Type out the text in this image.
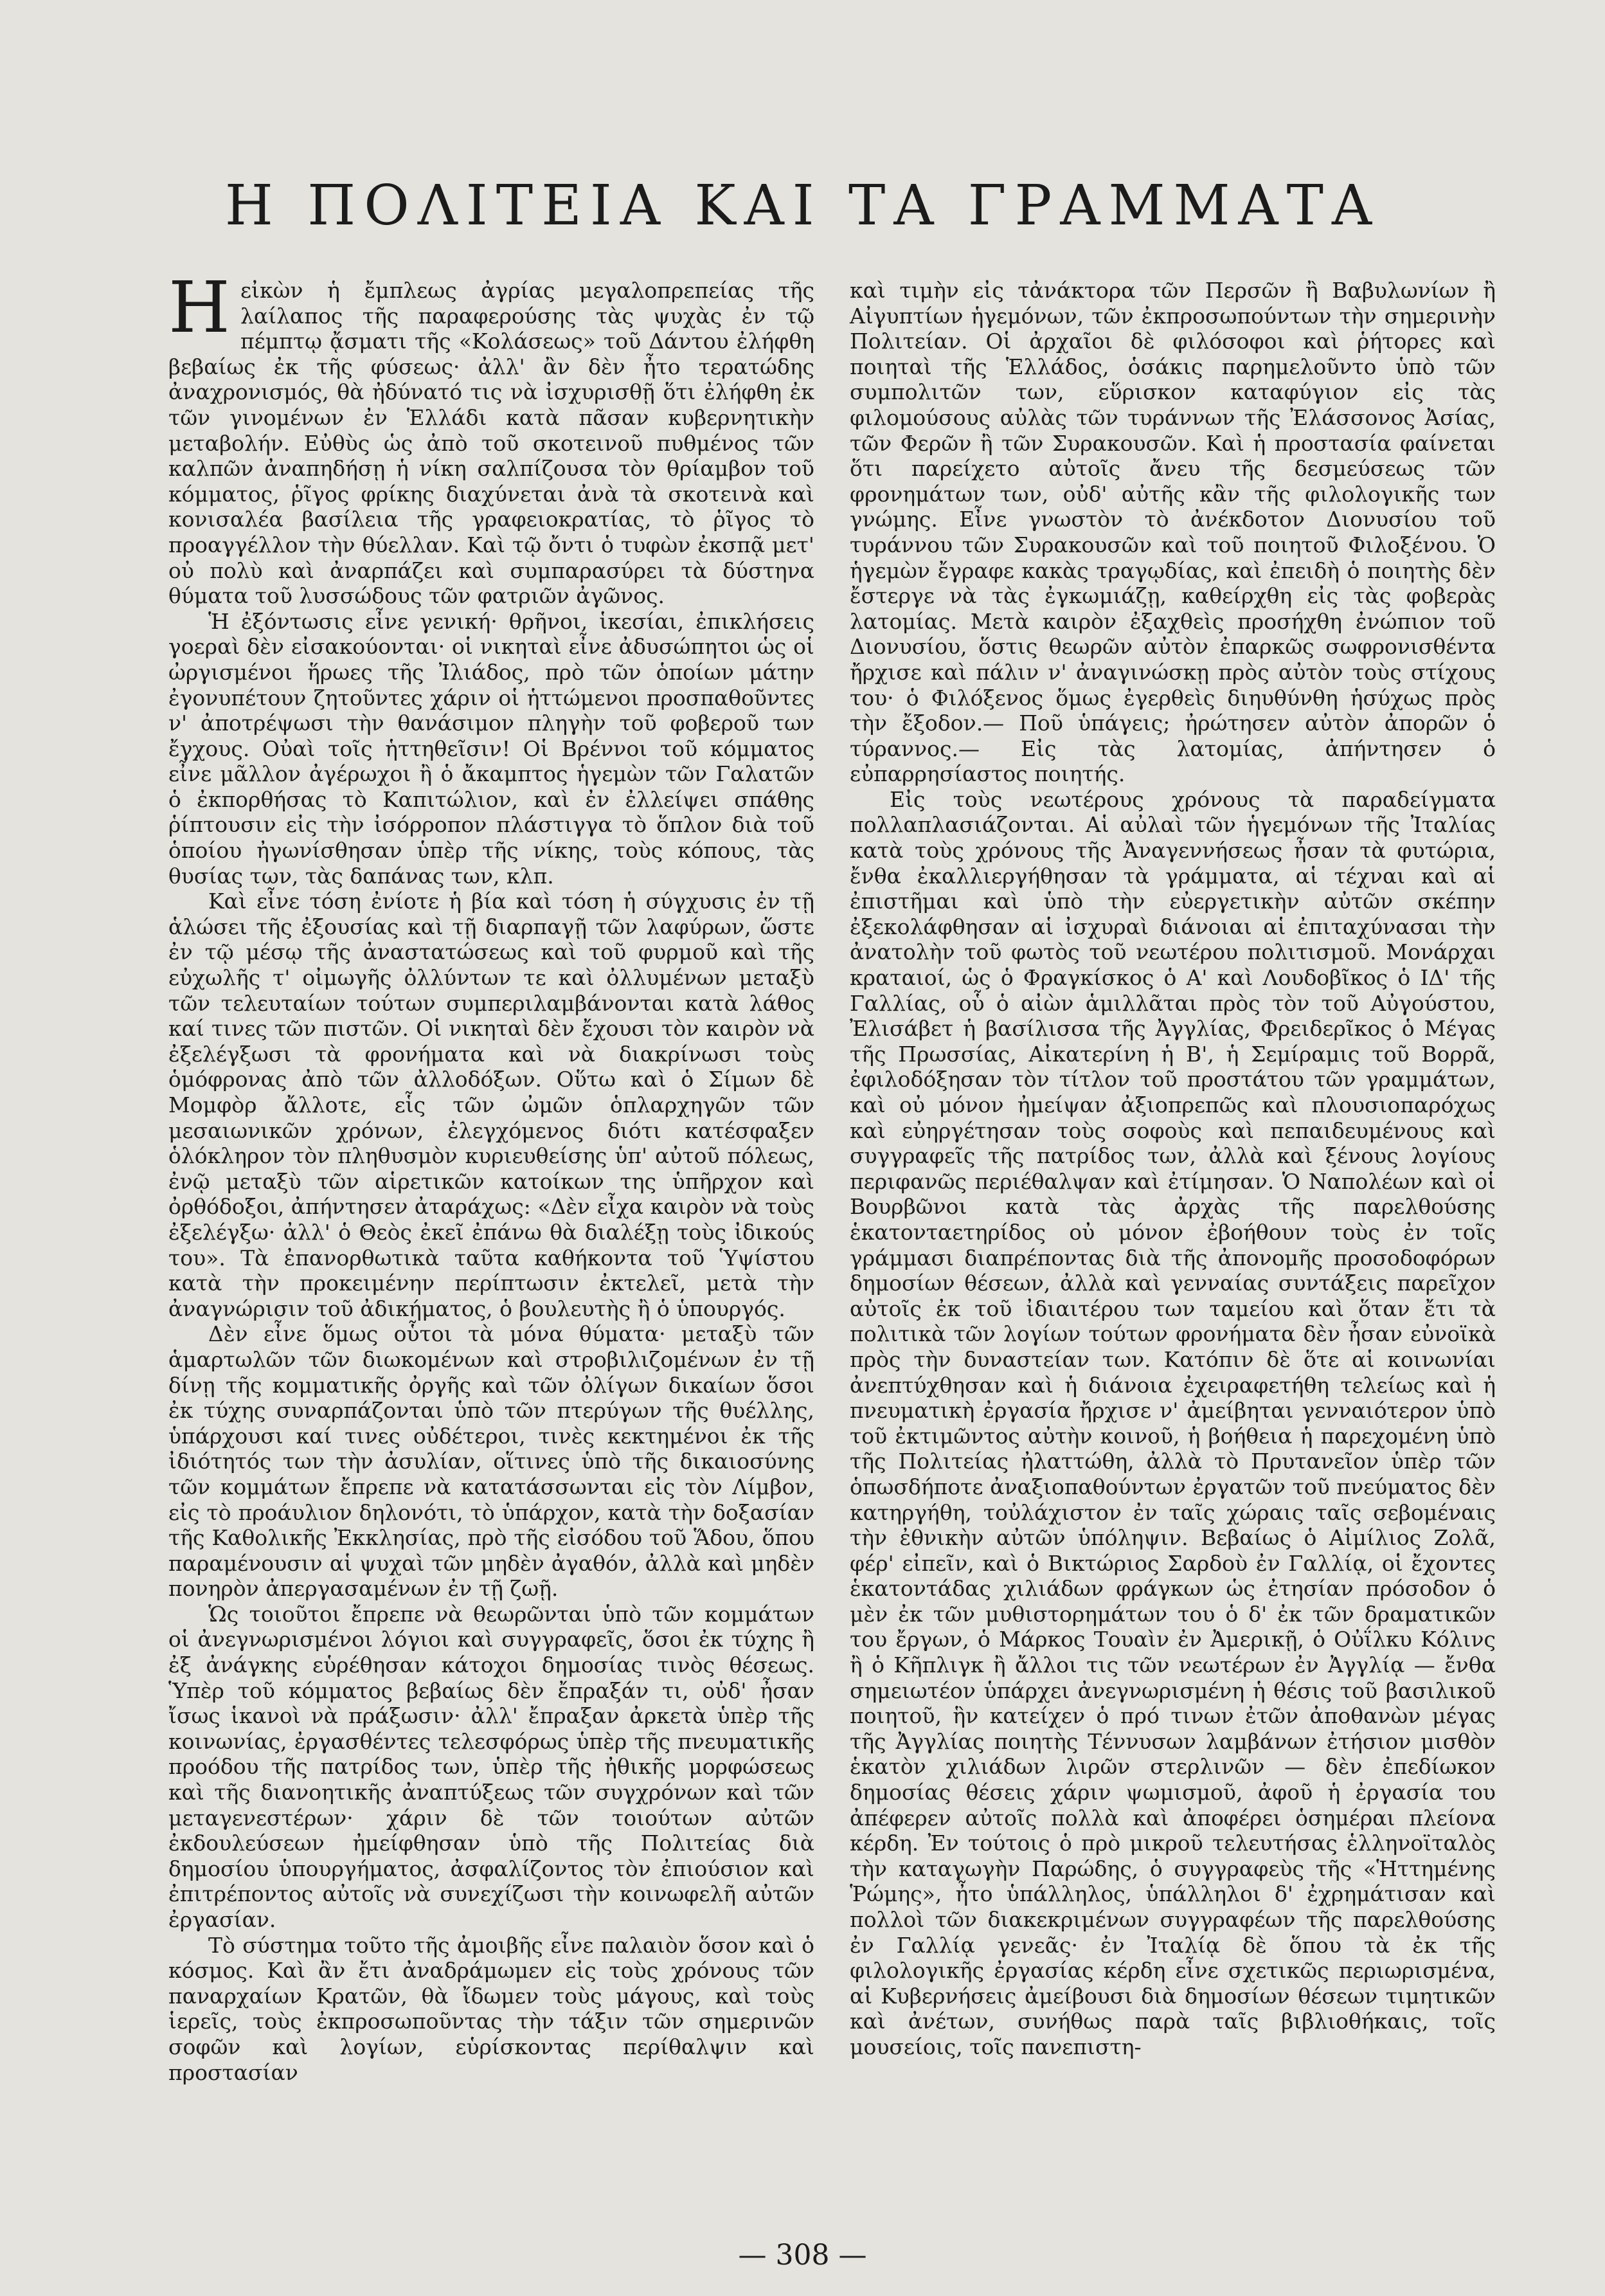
Η ΠΟΛΙΤΕΙΑ ΚΑΙ ΤΑ ΓΡΑΜΜΑΤΑ

Ηεἰκὼν ἡ ἔμπλεως ἀγρίας μεγαλοπρεπείας τῆς λαίλαπος τῆς παραφερούσης τὰς ψυχὰς ἐν τῷ πέμπτῳ ᾄσματι τῆς «Κολάσεως» τοῦ Δάντου ἐλήφθη βεβαίως ἐκ τῆς φύσεως· ἀλλ' ἂν δὲν ἦτο τερατώδης ἀναχρονισμός, θὰ ἠδύνατό τις νὰ ἰσχυρισθῇ ὅτι ἐλήφθη ἐκ τῶν γινομένων ἐν Ἑλλάδι κατὰ πᾶσαν κυβερνητικὴν μεταβολήν. Εὐθὺς ὡς ἀπὸ τοῦ σκοτεινοῦ πυθμένος τῶν καλπῶν ἀναπηδήσῃ ἡ νίκη σαλπίζουσα τὸν θρίαμβον τοῦ κόμματος, ῥῖγος φρίκης διαχύνεται ἀνὰ τὰ σκοτεινὰ καὶ κονισαλέα βασίλεια τῆς γραφειοκρατίας, τὸ ῥῖγος τὸ προαγγέλλον τὴν θύελλαν. Καὶ τῷ ὄντι ὁ τυφὼν ἐκσπᾷ μετ' οὐ πολὺ καὶ ἀναρπάζει καὶ συμπαρασύρει τὰ δύστηνα θύματα τοῦ λυσσώδους τῶν φατριῶν ἀγῶνος.

Ἡ ἐξόντωσις εἶνε γενική· θρῆνοι, ἱκεσίαι, ἐπικλήσεις γοεραὶ δὲν εἰσακούονται· οἱ νικηταὶ εἶνε ἀδυσώπητοι ὡς οἱ ὠργισμένοι ἥρωες τῆς Ἰλιάδος, πρὸ τῶν ὁποίων μάτην ἐγονυπέτουν ζητοῦντες χάριν οἱ ἡττώμενοι προσπαθοῦντες ν' ἀποτρέψωσι τὴν θανάσιμον πληγὴν τοῦ φοβεροῦ των ἔγχους. Οὐαὶ τοῖς ἡττηθεῖσιν! Οἱ Βρέννοι τοῦ κόμματος εἶνε μᾶλλον ἀγέρωχοι ἢ ὁ ἄκαμπτος ἡγεμὼν τῶν Γαλατῶν ὁ ἐκπορθήσας τὸ Καπιτώλιον, καὶ ἐν ἐλλείψει σπάθης ῥίπτουσιν εἰς τὴν ἰσόρροπον πλάστιγγα τὸ ὅπλον διὰ τοῦ ὁποίου ἠγωνίσθησαν ὑπὲρ τῆς νίκης, τοὺς κόπους, τὰς θυσίας των, τὰς δαπάνας των, κλπ.

Καὶ εἶνε τόση ἐνίοτε ἡ βία καὶ τόση ἡ σύγχυσις ἐν τῇ ἁλώσει τῆς ἐξουσίας καὶ τῇ διαρπαγῇ τῶν λαφύρων, ὥστε ἐν τῷ μέσῳ τῆς ἀναστατώσεως καὶ τοῦ φυρμοῦ καὶ τῆς εὐχωλῆς τ' οἰμωγῆς ὀλλύντων τε καὶ ὀλλυμένων μεταξὺ τῶν τελευταίων τούτων συμπεριλαμβάνονται κατὰ λάθος καί τινες τῶν πιστῶν. Οἱ νικηταὶ δὲν ἔχουσι τὸν καιρὸν νὰ ἐξελέγξωσι τὰ φρονήματα καὶ νὰ διακρίνωσι τοὺς ὁμόφρονας ἀπὸ τῶν ἀλλοδόξων. Οὕτω καὶ ὁ Σίμων δὲ Μομφὸρ ἄλλοτε, εἷς τῶν ὠμῶν ὁπλαρχηγῶν τῶν μεσαιωνικῶν χρόνων, ἐλεγχόμενος διότι κατέσφαξεν ὁλόκληρον τὸν πληθυσμὸν κυριευθείσης ὑπ' αὐτοῦ πόλεως, ἐνῷ μεταξὺ τῶν αἱρετικῶν κατοίκων της ὑπῆρχον καὶ ὀρθόδοξοι, ἀπήντησεν ἀταράχως: «Δὲν εἶχα καιρὸν νὰ τοὺς ἐξελέγξω· ἀλλ' ὁ Θεὸς ἐκεῖ ἐπάνω θὰ διαλέξῃ τοὺς ἰδικούς του». Τὰ ἐπανορθωτικὰ ταῦτα καθήκοντα τοῦ Ὑψίστου κατὰ τὴν προκειμένην περίπτωσιν ἐκτελεῖ, μετὰ τὴν ἀναγνώρισιν τοῦ ἀδικήματος, ὁ βουλευτὴς ἢ ὁ ὑπουργός.

Δὲν εἶνε ὅμως οὗτοι τὰ μόνα θύματα· μεταξὺ τῶν ἁμαρτωλῶν τῶν διωκομένων καὶ στροβιλιζομένων ἐν τῇ δίνῃ τῆς κομματικῆς ὀργῆς καὶ τῶν ὀλίγων δικαίων ὅσοι ἐκ τύχης συναρπάζονται ὑπὸ τῶν πτερύγων τῆς θυέλλης, ὑπάρχουσι καί τινες οὐδέτεροι, τινὲς κεκτημένοι ἐκ τῆς ἰδιότητός των τὴν ἀσυλίαν, οἵτινες ὑπὸ τῆς δικαιοσύνης τῶν κομμάτων ἔπρεπε νὰ κατατάσσωνται εἰς τὸν Λίμβον, εἰς τὸ προάυλιον δηλονότι, τὸ ὑπάρχον, κατὰ τὴν δοξασίαν τῆς Καθολικῆς Ἐκκλησίας, πρὸ τῆς εἰσόδου τοῦ Ἅδου, ὅπου παραμένουσιν αἱ ψυχαὶ τῶν μηδὲν ἀγαθόν, ἀλλὰ καὶ μηδὲν πονηρὸν ἀπεργασαμένων ἐν τῇ ζωῇ.

Ὡς τοιοῦτοι ἔπρεπε νὰ θεωρῶνται ὑπὸ τῶν κομμάτων οἱ ἀνεγνωρισμένοι λόγιοι καὶ συγγραφεῖς, ὅσοι ἐκ τύχης ἢ ἐξ ἀνάγκης εὑρέθησαν κάτοχοι δημοσίας τινὸς θέσεως. Ὑπὲρ τοῦ κόμματος βεβαίως δὲν ἔπραξάν τι, οὐδ' ἦσαν ἴσως ἱκανοὶ νὰ πράξωσιν· ἀλλ' ἔπραξαν ἀρκετὰ ὑπὲρ τῆς κοινωνίας, ἐργασθέντες τελεσφόρως ὑπὲρ τῆς πνευματικῆς προόδου τῆς πατρίδος των, ὑπὲρ τῆς ἠθικῆς μορφώσεως καὶ τῆς διανοητικῆς ἀναπτύξεως τῶν συγχρόνων καὶ τῶν μεταγενεστέρων· χάριν δὲ τῶν τοιούτων αὐτῶν ἐκδουλεύσεων ἠμείφθησαν ὑπὸ τῆς Πολιτείας διὰ δημοσίου ὑπουργήματος, ἀσφαλίζοντος τὸν ἐπιούσιον καὶ ἐπιτρέποντος αὐτοῖς νὰ συνεχίζωσι τὴν κοινωφελῆ αὐτῶν ἐργασίαν.

Τὸ σύστημα τοῦτο τῆς ἀμοιβῆς εἶνε παλαιὸν ὅσον καὶ ὁ κόσμος. Καὶ ἂν ἔτι ἀναδράμωμεν εἰς τοὺς χρόνους τῶν παναρχαίων Κρατῶν, θὰ ἴδωμεν τοὺς μάγους, καὶ τοὺς ἱερεῖς, τοὺς ἐκπροσωποῦντας τὴν τάξιν τῶν σημερινῶν σοφῶν καὶ λογίων, εὑρίσκοντας περίθαλψιν καὶ προστασίαν

καὶ τιμὴν εἰς τἀνάκτορα τῶν Περσῶν ἢ Βαβυλωνίων ἢ Αἰγυπτίων ἡγεμόνων, τῶν ἐκπροσωπούντων τὴν σημερινὴν Πολιτείαν. Οἱ ἀρχαῖοι δὲ φιλόσοφοι καὶ ῥήτορες καὶ ποιηταὶ τῆς Ἑλλάδος, ὁσάκις παρημελοῦντο ὑπὸ τῶν συμπολιτῶν των, εὕρισκον καταφύγιον εἰς τὰς φιλομούσους αὐλὰς τῶν τυράννων τῆς Ἐλάσσονος Ἀσίας, τῶν Φερῶν ἢ τῶν Συρακουσῶν. Καὶ ἡ προστασία φαίνεται ὅτι παρείχετο αὐτοῖς ἄνευ τῆς δεσμεύσεως τῶν φρονημάτων των, οὐδ' αὐτῆς κἂν τῆς φιλολογικῆς των γνώμης. Εἶνε γνωστὸν τὸ ἀνέκδοτον Διονυσίου τοῦ τυράννου τῶν Συρακουσῶν καὶ τοῦ ποιητοῦ Φιλοξένου. Ὁ ἡγεμὼν ἔγραφε κακὰς τραγῳδίας, καὶ ἐπειδὴ ὁ ποιητὴς δὲν ἔστεργε νὰ τὰς ἐγκωμιάζῃ, καθείρχθη εἰς τὰς φοβερὰς λατομίας. Μετὰ καιρὸν ἐξαχθεὶς προσήχθη ἐνώπιον τοῦ Διονυσίου, ὅστις θεωρῶν αὐτὸν ἐπαρκῶς σωφρονισθέντα ἤρχισε καὶ πάλιν ν' ἀναγινώσκῃ πρὸς αὐτὸν τοὺς στίχους του· ὁ Φιλόξενος ὅμως ἐγερθεὶς διηυθύνθη ἡσύχως πρὸς τὴν ἔξοδον.— Ποῦ ὑπάγεις; ἠρώτησεν αὐτὸν ἀπορῶν ὁ τύραννος.— Εἰς τὰς λατομίας, ἀπήντησεν ὁ εὐπαρρησίαστος ποιητής.

Εἰς τοὺς νεωτέρους χρόνους τὰ παραδείγματα πολλαπλασιάζονται. Αἱ αὐλαὶ τῶν ἡγεμόνων τῆς Ἰταλίας κατὰ τοὺς χρόνους τῆς Ἀναγεννήσεως ἦσαν τὰ φυτώρια, ἔνθα ἐκαλλιεργήθησαν τὰ γράμματα, αἱ τέχναι καὶ αἱ ἐπιστῆμαι καὶ ὑπὸ τὴν εὐεργετικὴν αὐτῶν σκέπην ἐξεκολάφθησαν αἱ ἰσχυραὶ διάνοιαι αἱ ἐπιταχύνασαι τὴν ἀνατολὴν τοῦ φωτὸς τοῦ νεωτέρου πολιτισμοῦ. Μονάρχαι κραταιοί, ὡς ὁ Φραγκίσκος ὁ Α' καὶ Λουδοβῖκος ὁ ΙΔ' τῆς Γαλλίας, οὗ ὁ αἰὼν ἁμιλλᾶται πρὸς τὸν τοῦ Αὐγούστου, Ἐλισάβετ ἡ βασίλισσα τῆς Ἀγγλίας, Φρειδερῖκος ὁ Μέγας τῆς Πρωσσίας, Αἰκατερίνη ἡ Β', ἡ Σεμίραμις τοῦ Βορρᾶ, ἐφιλοδόξησαν τὸν τίτλον τοῦ προστάτου τῶν γραμμάτων, καὶ οὐ μόνον ἠμείψαν ἀξιοπρεπῶς καὶ πλουσιοπαρόχως καὶ εὐηργέτησαν τοὺς σοφοὺς καὶ πεπαιδευμένους καὶ συγγραφεῖς τῆς πατρίδος των, ἀλλὰ καὶ ξένους λογίους περιφανῶς περιέθαλψαν καὶ ἐτίμησαν. Ὁ Ναπολέων καὶ οἱ Βουρβῶνοι κατὰ τὰς ἀρχὰς τῆς παρελθούσης ἑκατονταετηρίδος οὐ μόνον ἐβοήθουν τοὺς ἐν τοῖς γράμμασι διαπρέποντας διὰ τῆς ἀπονομῆς προσοδοφόρων δημοσίων θέσεων, ἀλλὰ καὶ γενναίας συντάξεις παρεῖχον αὐτοῖς ἐκ τοῦ ἰδιαιτέρου των ταμείου καὶ ὅταν ἔτι τὰ πολιτικὰ τῶν λογίων τούτων φρονήματα δὲν ἦσαν εὐνοϊκὰ πρὸς τὴν δυναστείαν των. Κατόπιν δὲ ὅτε αἱ κοινωνίαι ἀνεπτύχθησαν καὶ ἡ διάνοια ἐχειραφετήθη τελείως καὶ ἡ πνευματικὴ ἐργασία ἤρχισε ν' ἀμείβηται γενναιότερον ὑπὸ τοῦ ἐκτιμῶντος αὐτὴν κοινοῦ, ἡ βοήθεια ἡ παρεχομένη ὑπὸ τῆς Πολιτείας ἠλαττώθη, ἀλλὰ τὸ Πρυτανεῖον ὑπὲρ τῶν ὁπωσδήποτε ἀναξιοπαθούντων ἐργατῶν τοῦ πνεύματος δὲν κατηργήθη, τοὐλάχιστον ἐν ταῖς χώραις ταῖς σεβομέναις τὴν ἐθνικὴν αὐτῶν ὑπόληψιν. Βεβαίως ὁ Αἰμίλιος Ζολᾶ, φέρ' εἰπεῖν, καὶ ὁ Βικτώριος Σαρδοὺ ἐν Γαλλίᾳ, οἱ ἔχοντες ἑκατοντάδας χιλιάδων φράγκων ὡς ἐτησίαν πρόσοδον ὁ μὲν ἐκ τῶν μυθιστορημάτων του ὁ δ' ἐκ τῶν δραματικῶν του ἔργων, ὁ Μάρκος Τουαὶν ἐν Ἀμερικῇ, ὁ Οὐΐλκυ Κόλινς ἢ ὁ Κῆπλιγκ ἢ ἄλλοι τις τῶν νεωτέρων ἐν Ἀγγλίᾳ — ἔνθα σημειωτέον ὑπάρχει ἀνεγνωρισμένη ἡ θέσις τοῦ βασιλικοῦ ποιητοῦ, ἣν κατείχεν ὁ πρό τινων ἐτῶν ἀποθανὼν μέγας τῆς Ἀγγλίας ποιητὴς Τέννυσων λαμβάνων ἐτήσιον μισθὸν ἑκατὸν χιλιάδων λιρῶν στερλινῶν — δὲν ἐπεδίωκον δημοσίας θέσεις χάριν ψωμισμοῦ, ἀφοῦ ἡ ἐργασία του ἀπέφερεν αὐτοῖς πολλὰ καὶ ἀποφέρει ὁσημέραι πλείονα κέρδη. Ἐν τούτοις ὁ πρὸ μικροῦ τελευτήσας ἑλληνοϊταλὸς τὴν καταγωγὴν Παρώδης, ὁ συγγραφεὺς τῆς «Ἡττημένης Ῥώμης», ἦτο ὑπάλληλος, ὑπάλληλοι δ' ἐχρημάτισαν καὶ πολλοὶ τῶν διακεκριμένων συγγραφέων τῆς παρελθούσης ἐν Γαλλίᾳ γενεᾶς· ἐν Ἰταλίᾳ δὲ ὅπου τὰ ἐκ τῆς φιλολογικῆς ἐργασίας κέρδη εἶνε σχετικῶς περιωρισμένα, αἱ Κυβερνήσεις ἀμείβουσι διὰ δημοσίων θέσεων τιμητικῶν καὶ ἀνέτων, συνήθως παρὰ ταῖς βιβλιοθήκαις, τοῖς μουσείοις, τοῖς πανεπιστη-

— 308 —
